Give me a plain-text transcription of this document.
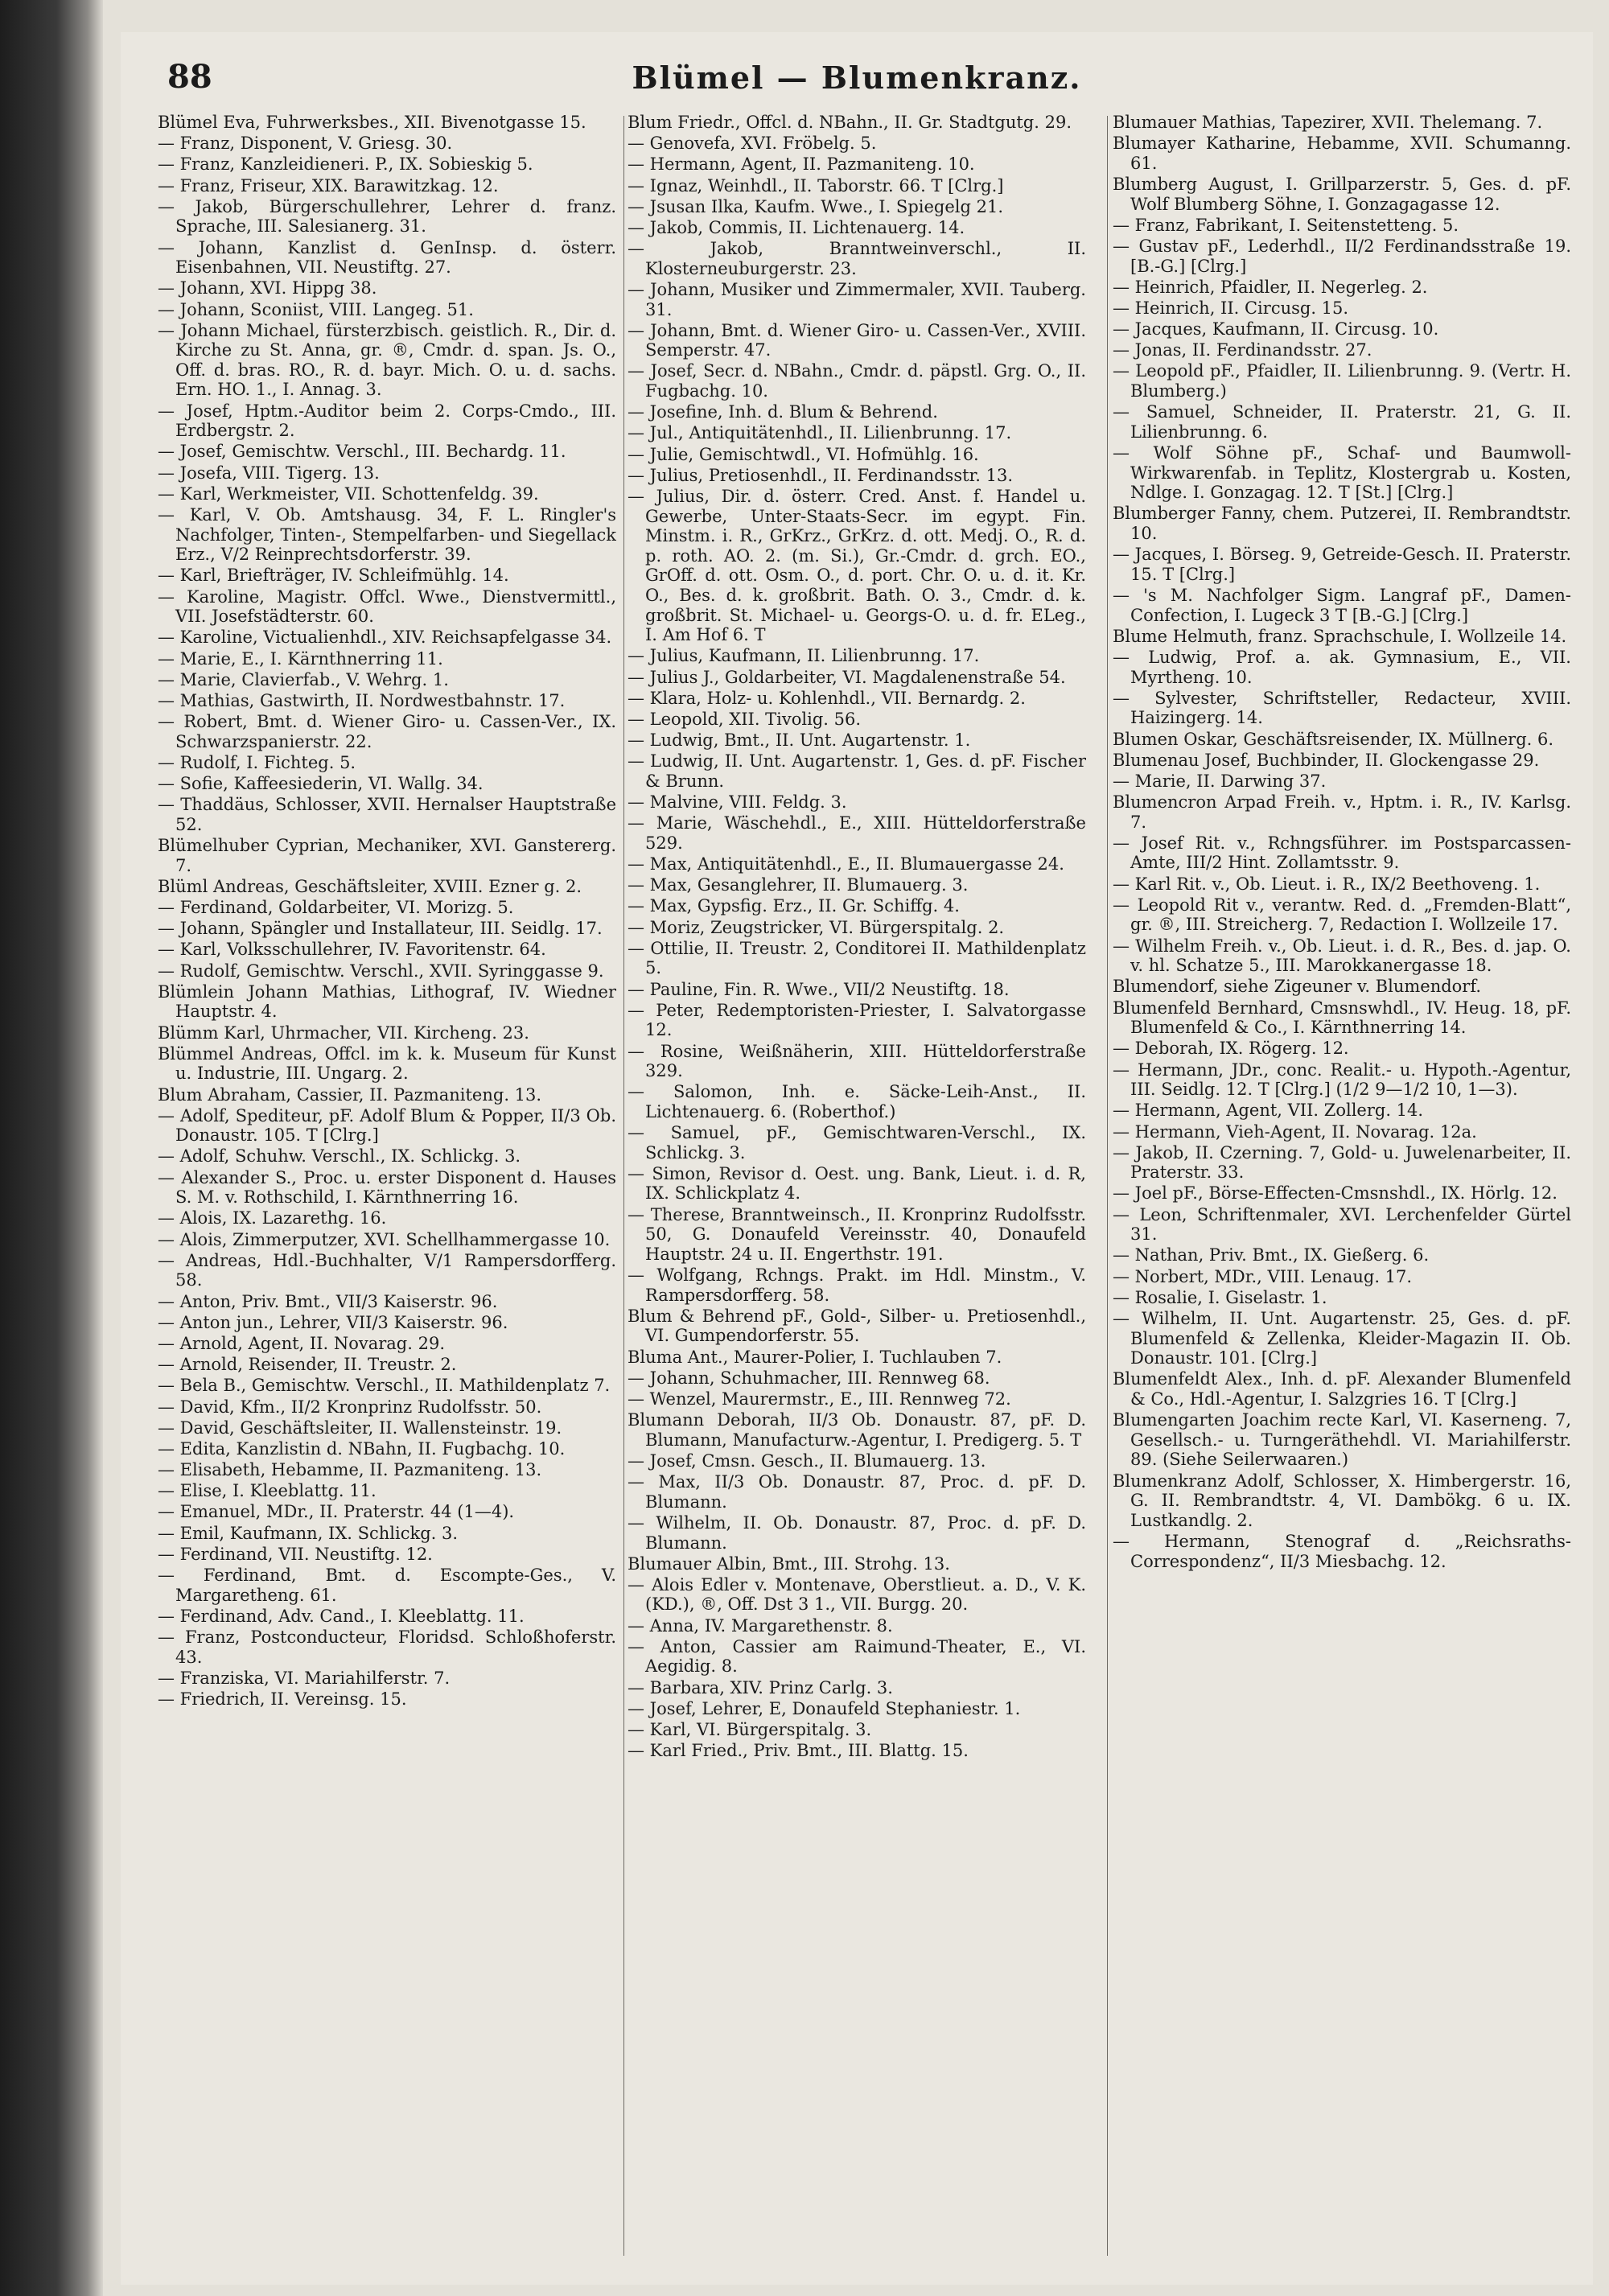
88	Blümel — Blumenkranz.

Blümel Eva, Fuhrwerksbes., XII. Bivenotgasse 15.

— Franz, Disponent, V. Griesg. 30.

— Franz, Kanzleidieneri. P., IX. Sobieskig 5.

— Franz, Friseur, XIX. Barawitzkag. 12.

— Jakob, Bürgerschullehrer, Lehrer d. franz. Sprache, III. Salesianerg. 31.

— Johann, Kanzlist d. GenInsp. d. österr. Eisenbahnen, VII. Neustiftg. 27.

— Johann, XVI. Hippg 38.

— Johann, Sconiist, VIII. Langeg. 51.

— Johann Michael, fürsterzbisch. geistlich. R., Dir. d. Kirche zu St. Anna, gr. ®, Cmdr. d. span. Js. O., Off. d. bras. RO., R. d. bayr. Mich. O. u. d. sachs. Ern. HO. 1., I. Annag. 3.

— Josef, Hptm.-Auditor beim 2. Corps-Cmdo., III. Erdbergstr. 2.

— Josef, Gemischtw. Verschl., III. Bechardg. 11.

— Josefa, VIII. Tigerg. 13.

— Karl, Werkmeister, VII. Schottenfeldg. 39.

— Karl, V. Ob. Amtshausg. 34, F. L. Ringler's Nachfolger, Tinten-, Stempelfarben- und Siegellack Erz., V/2 Reinprechtsdorferstr. 39.

— Karl, Briefträger, IV. Schleifmühlg. 14.

— Karoline, Magistr. Offcl. Wwe., Dienstvermittl., VII. Josefstädterstr. 60.

— Karoline, Victualienhdl., XIV. Reichsapfelgasse 34.

— Marie, E., I. Kärnthnerring 11.

— Marie, Clavierfab., V. Wehrg. 1.

— Mathias, Gastwirth, II. Nordwestbahnstr. 17.

— Robert, Bmt. d. Wiener Giro- u. Cassen-Ver., IX. Schwarzspanierstr. 22.

— Rudolf, I. Fichteg. 5.

— Sofie, Kaffeesiederin, VI. Wallg. 34.

— Thaddäus, Schlosser, XVII. Hernalser Hauptstraße 52.

Blümelhuber Cyprian, Mechaniker, XVI. Ganstererg. 7.

Blüml Andreas, Geschäftsleiter, XVIII. Ezner g. 2.

— Ferdinand, Goldarbeiter, VI. Morizg. 5.

— Johann, Spängler und Installateur, III. Seidlg. 17.

— Karl, Volksschullehrer, IV. Favoritenstr. 64.

— Rudolf, Gemischtw. Verschl., XVII. Syringgasse 9.

Blümlein Johann Mathias, Lithograf, IV. Wiedner Hauptstr. 4.

Blümm Karl, Uhrmacher, VII. Kircheng. 23.

Blümmel Andreas, Offcl. im k. k. Museum für Kunst u. Industrie, III. Ungarg. 2.

Blum Abraham, Cassier, II. Pazmaniteng. 13.

— Adolf, Spediteur, pF. Adolf Blum & Popper, II/3 Ob. Donaustr. 105. T [Clrg.]

— Adolf, Schuhw. Verschl., IX. Schlickg. 3.

— Alexander S., Proc. u. erster Disponent d. Hauses S. M. v. Rothschild, I. Kärnthnerring 16.

— Alois, IX. Lazarethg. 16.

— Alois, Zimmerputzer, XVI. Schellhammergasse 10.

— Andreas, Hdl.-Buchhalter, V/1 Rampersdorfferg. 58.

— Anton, Priv. Bmt., VII/3 Kaiserstr. 96.

— Anton jun., Lehrer, VII/3 Kaiserstr. 96.

— Arnold, Agent, II. Novarag. 29.

— Arnold, Reisender, II. Treustr. 2.

— Bela B., Gemischtw. Verschl., II. Mathildenplatz 7.

— David, Kfm., II/2 Kronprinz Rudolfsstr. 50.

— David, Geschäftsleiter, II. Wallensteinstr. 19.

— Edita, Kanzlistin d. NBahn, II. Fugbachg. 10.

— Elisabeth, Hebamme, II. Pazmaniteng. 13.

— Elise, I. Kleeblattg. 11.

— Emanuel, MDr., II. Praterstr. 44 (1—4).

— Emil, Kaufmann, IX. Schlickg. 3.

— Ferdinand, VII. Neustiftg. 12.

— Ferdinand, Bmt. d. Escompte-Ges., V. Margaretheng. 61.

— Ferdinand, Adv. Cand., I. Kleeblattg. 11.

— Franz, Postconducteur, Floridsd. Schloßhoferstr. 43.

— Franziska, VI. Mariahilferstr. 7.

— Friedrich, II. Vereinsg. 15.

Blum Friedr., Offcl. d. NBahn., II. Gr. Stadtgutg. 29.

— Genovefa, XVI. Fröbelg. 5.

— Hermann, Agent, II. Pazmaniteng. 10.

— Ignaz, Weinhdl., II. Taborstr. 66. T [Clrg.]

— Jsusan Ilka, Kaufm. Wwe., I. Spiegelg 21.

— Jakob, Commis, II. Lichtenauerg. 14.

— Jakob, Branntweinverschl., II. Klosterneuburgerstr. 23.

— Johann, Musiker und Zimmermaler, XVII. Tauberg. 31.

— Johann, Bmt. d. Wiener Giro- u. Cassen-Ver., XVIII. Semperstr. 47.

— Josef, Secr. d. NBahn., Cmdr. d. päpstl. Grg. O., II. Fugbachg. 10.

— Josefine, Inh. d. Blum & Behrend.

— Jul., Antiquitätenhdl., II. Lilienbrunng. 17.

— Julie, Gemischtwdl., VI. Hofmühlg. 16.

— Julius, Pretiosenhdl., II. Ferdinandsstr. 13.

— Julius, Dir. d. österr. Cred. Anst. f. Handel u. Gewerbe, Unter-Staats-Secr. im egypt. Fin. Minstm. i. R., GrKrz., GrKrz. d. ott. Medj. O., R. d. p. roth. AO. 2. (m. Si.), Gr.-Cmdr. d. grch. EO., GrOff. d. ott. Osm. O., d. port. Chr. O. u. d. it. Kr. O., Bes. d. k. großbrit. Bath. O. 3., Cmdr. d. k. großbrit. St. Michael- u. Georgs-O. u. d. fr. ELeg., I. Am Hof 6. T

— Julius, Kaufmann, II. Lilienbrunng. 17.

— Julius J., Goldarbeiter, VI. Magdalenenstraße 54.

— Klara, Holz- u. Kohlenhdl., VII. Bernardg. 2.

— Leopold, XII. Tivolig. 56.

— Ludwig, Bmt., II. Unt. Augartenstr. 1.

— Ludwig, II. Unt. Augartenstr. 1, Ges. d. pF. Fischer & Brunn.

— Malvine, VIII. Feldg. 3.

— Marie, Wäschehdl., E., XIII. Hütteldorferstraße 529.

— Max, Antiquitätenhdl., E., II. Blumauergasse 24.

— Max, Gesanglehrer, II. Blumauerg. 3.

— Max, Gypsfig. Erz., II. Gr. Schiffg. 4.

— Moriz, Zeugstricker, VI. Bürgerspitalg. 2.

— Ottilie, II. Treustr. 2, Conditorei II. Mathildenplatz 5.

— Pauline, Fin. R. Wwe., VII/2 Neustiftg. 18.

— Peter, Redemptoristen-Priester, I. Salvatorgasse 12.

— Rosine, Weißnäherin, XIII. Hütteldorferstraße 329.

— Salomon, Inh. e. Säcke-Leih-Anst., II. Lichtenauerg. 6. (Roberthof.)

— Samuel, pF., Gemischtwaren-Verschl., IX. Schlickg. 3.

— Simon, Revisor d. Oest. ung. Bank, Lieut. i. d. R, IX. Schlickplatz 4.

— Therese, Branntweinsch., II. Kronprinz Rudolfsstr. 50, G. Donaufeld Vereinsstr. 40, Donaufeld Hauptstr. 24 u. II. Engerthstr. 191.

— Wolfgang, Rchngs. Prakt. im Hdl. Minstm., V. Rampersdorfferg. 58.

Blum & Behrend pF., Gold-, Silber- u. Pretiosenhdl., VI. Gumpendorferstr. 55.

Bluma Ant., Maurer-Polier, I. Tuchlauben 7.

— Johann, Schuhmacher, III. Rennweg 68.

— Wenzel, Maurermstr., E., III. Rennweg 72.

Blumann Deborah, II/3 Ob. Donaustr. 87, pF. D. Blumann, Manufacturw.-Agentur, I. Predigerg. 5. T

— Josef, Cmsn. Gesch., II. Blumauerg. 13.

— Max, II/3 Ob. Donaustr. 87, Proc. d. pF. D. Blumann.

— Wilhelm, II. Ob. Donaustr. 87, Proc. d. pF. D. Blumann.

Blumauer Albin, Bmt., III. Strohg. 13.

— Alois Edler v. Montenave, Oberstlieut. a. D., V. K. (KD.), ®, Off. Dst 3 1., VII. Burgg. 20.

— Anna, IV. Margarethenstr. 8.

— Anton, Cassier am Raimund-Theater, E., VI. Aegidig. 8.

— Barbara, XIV. Prinz Carlg. 3.

— Josef, Lehrer, E, Donaufeld Stephaniestr. 1.

— Karl, VI. Bürgerspitalg. 3.

— Karl Fried., Priv. Bmt., III. Blattg. 15.

Blumauer Mathias, Tapezirer, XVII. Thelemang. 7.

Blumayer Katharine, Hebamme, XVII. Schumanng. 61.

Blumberg August, I. Grillparzerstr. 5, Ges. d. pF. Wolf Blumberg Söhne, I. Gonzagagasse 12.

— Franz, Fabrikant, I. Seitenstetteng. 5.

— Gustav pF., Lederhdl., II/2 Ferdinandsstraße 19. [B.-G.] [Clrg.]

— Heinrich, Pfaidler, II. Negerleg. 2.

— Heinrich, II. Circusg. 15.

— Jacques, Kaufmann, II. Circusg. 10.

— Jonas, II. Ferdinandsstr. 27.

— Leopold pF., Pfaidler, II. Lilienbrunng. 9. (Vertr. H. Blumberg.)

— Samuel, Schneider, II. Praterstr. 21, G. II. Lilienbrunng. 6.

— Wolf Söhne pF., Schaf- und Baumwoll-Wirkwarenfab. in Teplitz, Klostergrab u. Kosten, Ndlge. I. Gonzagag. 12. T [St.] [Clrg.]

Blumberger Fanny, chem. Putzerei, II. Rembrandtstr. 10.

— Jacques, I. Börseg. 9, Getreide-Gesch. II. Praterstr. 15. T [Clrg.]

— 's M. Nachfolger Sigm. Langraf pF., Damen-Confection, I. Lugeck 3 T [B.-G.] [Clrg.]

Blume Helmuth, franz. Sprachschule, I. Wollzeile 14.

— Ludwig, Prof. a. ak. Gymnasium, E., VII. Myrtheng. 10.

— Sylvester, Schriftsteller, Redacteur, XVIII. Haizingerg. 14.

Blumen Oskar, Geschäftsreisender, IX. Müllnerg. 6.

Blumenau Josef, Buchbinder, II. Glockengasse 29.

— Marie, II. Darwing 37.

Blumencron Arpad Freih. v., Hptm. i. R., IV. Karlsg. 7.

— Josef Rit. v., Rchngsführer. im Postsparcassen-Amte, III/2 Hint. Zollamtsstr. 9.

— Karl Rit. v., Ob. Lieut. i. R., IX/2 Beethoveng. 1.

— Leopold Rit v., verantw. Red. d. „Fremden-Blatt“, gr. ®, III. Streicherg. 7, Redaction I. Wollzeile 17.

— Wilhelm Freih. v., Ob. Lieut. i. d. R., Bes. d. jap. O. v. hl. Schatze 5., III. Marokkanergasse 18.

Blumendorf, siehe Zigeuner v. Blumendorf.

Blumenfeld Bernhard, Cmsnswhdl., IV. Heug. 18, pF. Blumenfeld & Co., I. Kärnthnerring 14.

— Deborah, IX. Rögerg. 12.

— Hermann, JDr., conc. Realit.- u. Hypoth.-Agentur, III. Seidlg. 12. T [Clrg.] (1/2 9—1/2 10, 1—3).

— Hermann, Agent, VII. Zollerg. 14.

— Hermann, Vieh-Agent, II. Novarag. 12a.

— Jakob, II. Czerning. 7, Gold- u. Juwelenarbeiter, II. Praterstr. 33.

— Joel pF., Börse-Effecten-Cmsnshdl., IX. Hörlg. 12.

— Leon, Schriftenmaler, XVI. Lerchenfelder Gürtel 31.

— Nathan, Priv. Bmt., IX. Gießerg. 6.

— Norbert, MDr., VIII. Lenaug. 17.

— Rosalie, I. Giselastr. 1.

— Wilhelm, II. Unt. Augartenstr. 25, Ges. d. pF. Blumenfeld & Zellenka, Kleider-Magazin II. Ob. Donaustr. 101. [Clrg.]

Blumenfeldt Alex., Inh. d. pF. Alexander Blumenfeld & Co., Hdl.-Agentur, I. Salzgries 16. T [Clrg.]

Blumengarten Joachim recte Karl, VI. Kaserneng. 7, Gesellsch.- u. Turngeräthehdl. VI. Mariahilferstr. 89. (Siehe Seilerwaaren.)

Blumenkranz Adolf, Schlosser, X. Himbergerstr. 16, G. II. Rembrandtstr. 4, VI. Dambökg. 6 u. IX. Lustkandlg. 2.

— Hermann, Stenograf d. „Reichsraths-Correspondenz“, II/3 Miesbachg. 12.
